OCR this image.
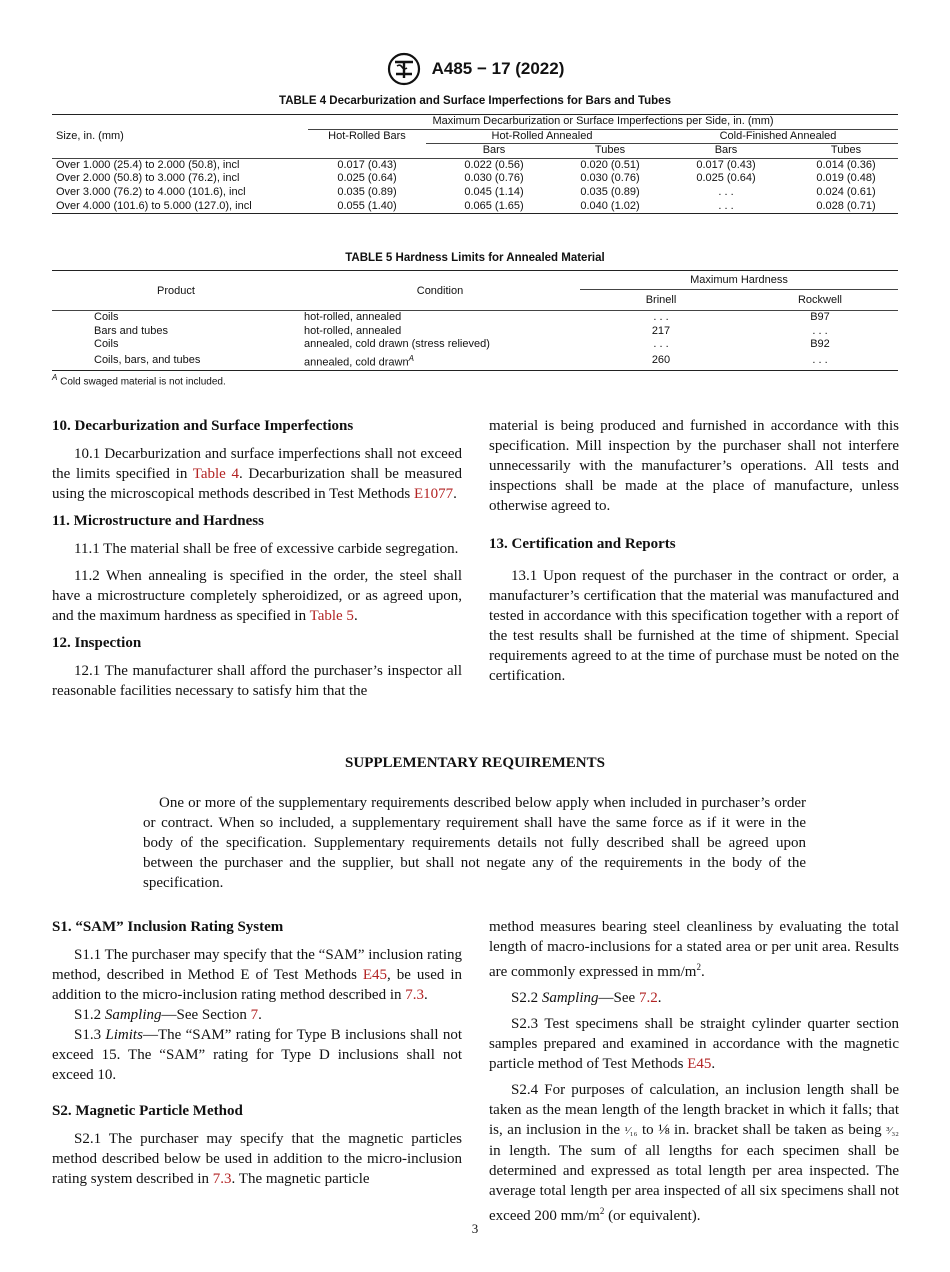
A485 − 17 (2022)
TABLE 4 Decarburization and Surface Imperfections for Bars and Tubes
	Maximum Decarburization or Surface Imperfections per Side, in. (mm)				
Size, in. (mm)	Hot-Rolled Bars	Hot-Rolled Annealed		Cold-Finished Annealed	
		Bars	Tubes	Bars	Tubes
Over 1.000 (25.4) to 2.000 (50.8), incl	0.017 (0.43)	0.022 (0.56)	0.020 (0.51)	0.017 (0.43)	0.014 (0.36)
Over 2.000 (50.8) to 3.000 (76.2), incl	0.025 (0.64)	0.030 (0.76)	0.030 (0.76)	0.025 (0.64)	0.019 (0.48)
Over 3.000 (76.2) to 4.000 (101.6), incl	0.035 (0.89)	0.045 (1.14)	0.035 (0.89)	. . .	0.024 (0.61)
Over 4.000 (101.6) to 5.000 (127.0), incl	0.055 (1.40)	0.065 (1.65)	0.040 (1.02)	. . .	0.028 (0.71)
TABLE 5 Hardness Limits for Annealed Material
Product	Condition	Maximum Hardness	
		Brinell	Rockwell
Coils	hot-rolled, annealed	. . .	B97
Bars and tubes	hot-rolled, annealed	217	. . .
Coils	annealed, cold drawn (stress relieved)	. . .	B92
Coils, bars, and tubes	annealed, cold drawn$^A$	260	. . .
$^A$ Cold swaged material is not included.
10. Decarburization and Surface Imperfections

10.1 Decarburization and surface imperfections shall not exceed the limits specified in Table 4. Decarburization shall be measured using the microscopical methods described in Test Methods E1077.

11. Microstructure and Hardness

11.1 The material shall be free of excessive carbide segregation.

11.2 When annealing is specified in the order, the steel shall have a microstructure completely spheroidized, or as agreed upon, and the maximum hardness as specified in Table 5.

12. Inspection

12.1 The manufacturer shall afford the purchaser’s inspector all reasonable facilities necessary to satisfy him that the

material is being produced and furnished in accordance with this specification. Mill inspection by the purchaser shall not interfere unnecessarily with the manufacturer’s operations. All tests and inspections shall be made at the place of manufacture, unless otherwise agreed to.

13. Certification and Reports

13.1 Upon request of the purchaser in the contract or order, a manufacturer’s certification that the material was manufactured and tested in accordance with this specification together with a report of the test results shall be furnished at the time of shipment. Special requirements agreed to at the time of purchase must be noted on the certification.

SUPPLEMENTARY REQUIREMENTS
One or more of the supplementary requirements described below apply when included in purchaser’s order or contract. When so included, a supplementary requirement shall have the same force as if it were in the body of the specification. Supplementary requirements details not fully described shall be agreed upon between the purchaser and the supplier, but shall not negate any of the requirements in the body of the specification.
S1. “SAM” Inclusion Rating System

S1.1 The purchaser may specify that the “SAM” inclusion rating method, described in Method E of Test Methods E45, be used in addition to the micro-inclusion rating method described in 7.3.

S1.2 Sampling—See Section 7.

S1.3 Limits—The “SAM” rating for Type B inclusions shall not exceed 15. The “SAM” rating for Type D inclusions shall not exceed 10.

S2. Magnetic Particle Method

S2.1 The purchaser may specify that the magnetic particles method described below be used in addition to the micro-inclusion rating system described in 7.3. The magnetic particle

method measures bearing steel cleanliness by evaluating the total length of macro-inclusions for a stated area or per unit area. Results are commonly expressed in $mm/m^2$.

S2.2 Sampling—See 7.2.

S2.3 Test specimens shall be straight cylinder quarter section samples prepared and examined in accordance with the magnetic particle method of Test Methods E45.

S2.4 For purposes of calculation, an inclusion length shall be taken as the mean length of the length bracket in which it falls; that is, an inclusion in the ¹⁄₁₆ to ⅛ in. bracket shall be taken as being ³⁄₃₂ in length. The sum of all lengths for each specimen shall be determined and expressed as total length per area inspected. The average total length per area inspected of all six specimens shall not exceed 200 $mm/m^2$ (or equivalent).

3
